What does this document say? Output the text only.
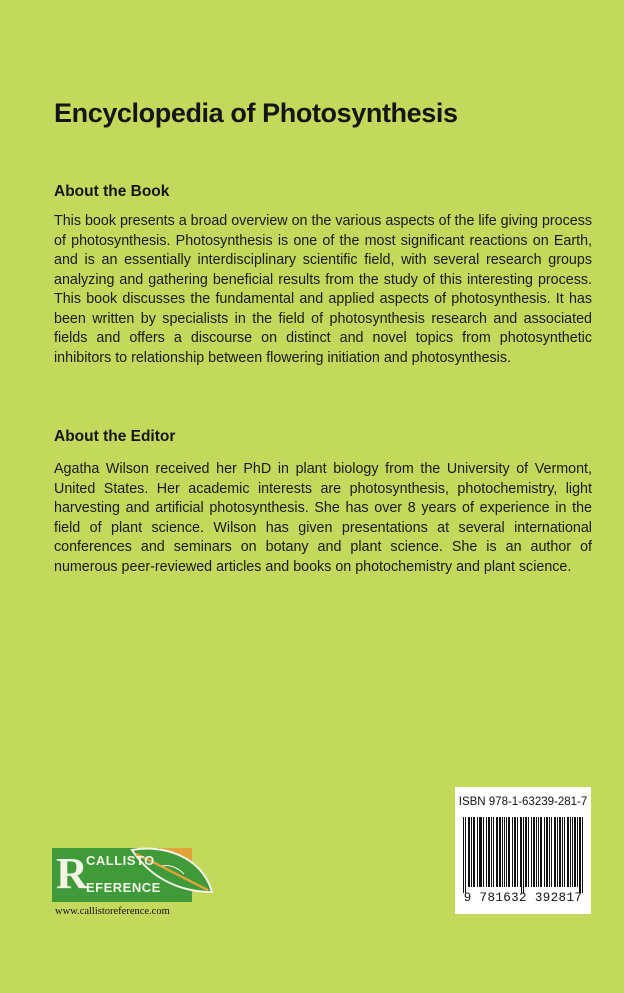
Encyclopedia of Photosynthesis
About the Book
This book presents a broad overview on the various aspects of the life giving process of photosynthesis. Photosynthesis is one of the most significant reactions on Earth, and is an essentially interdisciplinary scientific field, with several research groups analyzing and gathering beneficial results from the study of this interesting process. This book discusses the fundamental and applied aspects of photosynthesis. It has been written by specialists in the field of photosynthesis research and associated fields and offers a discourse on distinct and novel topics from photosynthetic inhibitors to relationship between flowering initiation and photosynthesis.
About the Editor
Agatha Wilson received her PhD in plant biology from the University of Vermont, United States. Her academic interests are photosynthesis, photochemistry, light harvesting and artificial photosynthesis. She has over 8 years of experience in the field of plant science. Wilson has given presentations at several international conferences and seminars on botany and plant science. She is an author of numerous peer-reviewed articles and books on photochemistry and plant science.
ISBN 978-1-63239-281-7
9 781632 392817
R
CALLISTO
EFERENCE
www.callistoreference.com
